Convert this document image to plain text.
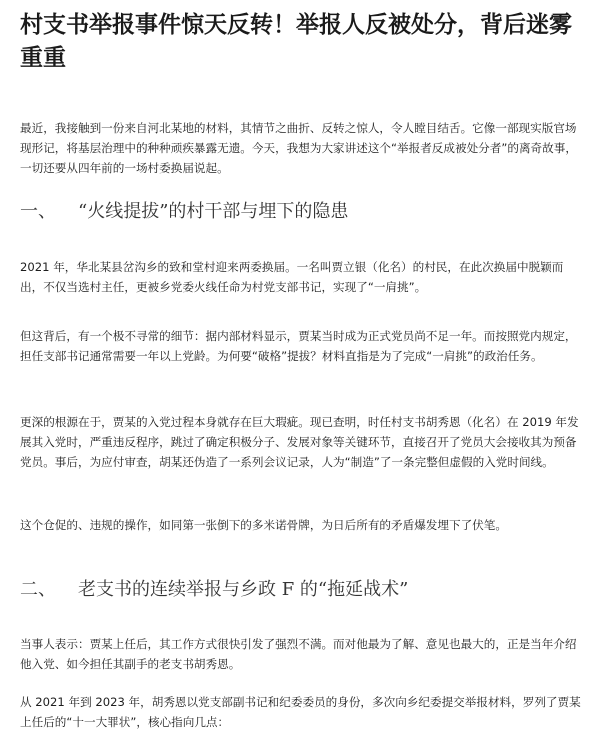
村支书举报事件惊天反转！举报人反被处分，背后迷雾重重

最近，我接触到一份来自河北某地的材料，其情节之曲折、反转之惊人，令人瞠目结舌。它像一部现实版官场现形记，将基层治理中的种种顽疾暴露无遗。今天，我想为大家讲述这个“举报者反成被处分者”的离奇故事，一切还要从四年前的一场村委换届说起。

一、 “火线提拔”的村干部与埋下的隐患

2021 年，华北某县岔沟乡的致和堂村迎来两委换届。一名叫贾立银（化名）的村民，在此次换届中脱颖而出，不仅当选村主任，更被乡党委火线任命为村党支部书记，实现了“一肩挑”。

但这背后，有一个极不寻常的细节：据内部材料显示，贾某当时成为正式党员尚不足一年。而按照党内规定，担任支部书记通常需要一年以上党龄。为何要“破格”提拔？材料直指是为了完成“一肩挑”的政治任务。

更深的根源在于，贾某的入党过程本身就存在巨大瑕疵。现已查明，时任村支书胡秀恩（化名）在 2019 年发展其入党时，严重违反程序，跳过了确定积极分子、发展对象等关键环节，直接召开了党员大会接收其为预备党员。事后，为应付审查，胡某还伪造了一系列会议记录，人为“制造”了一条完整但虚假的入党时间线。

这个仓促的、违规的操作，如同第一张倒下的多米诺骨牌，为日后所有的矛盾爆发埋下了伏笔。

二、 老支书的连续举报与乡政 F 的“拖延战术”

当事人表示：贾某上任后，其工作方式很快引发了强烈不满。而对他最为了解、意见也最大的，正是当年介绍他入党、如今担任其副手的老支书胡秀恩。

从 2021 年到 2023 年，胡秀恩以党支部副书记和纪委委员的身份，多次向乡纪委提交举报材料，罗列了贾某上任后的“十一大罪状”，核心指向几点：
